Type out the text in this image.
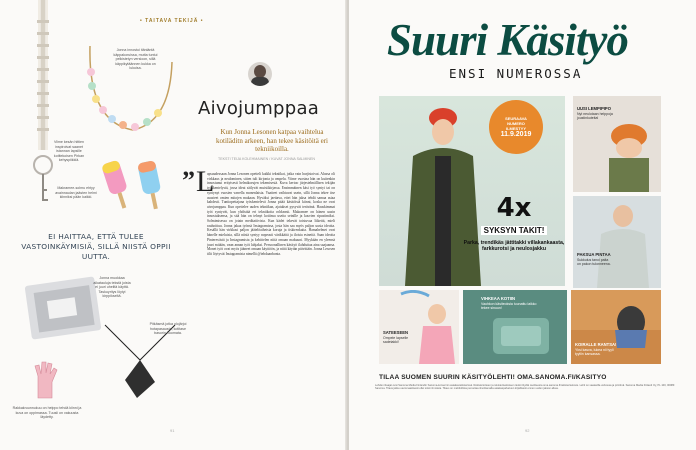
• TAITAVA TEKIJÄ •
Makramee-solmu ehtyy avainnaulan jaästen helmi kiinniksi pään kaikki.
Jonna innostui itäniäntä käppakoruissa, mutta tuntui pelkistetyn versioon, sillä käppikytäännen kukka on lukuisa.
Viime kesän hittien inspiroivat saanet istannan lapsille kotitekoisen Pirkan kehyspiikkiä.
EI HAITTAA, ETTÄ TULEE VASTOINKÄYMISIÄ, SILLÄ NIISTÄ OPPII UUTTA.
Jonna muokkaa aikatauluja tekstä joista ei juuri uheiltä käyttä. Taskuyritys löytyi kirppikseltä.
Pitkäsmä jotka olojärjoi hotapasausta, kotitase basorin huomata.
Rakkakruunnukuu on helppo tehdä kiinni ja kuva on oppimassa. Tuusli on vakuusta läydetty.
Aivojumppaa
Kun Jonna Lesonen katpaa vaihtelua kotiläditn arkeen, han tekee käsitöitä eri tekniikoilla.
TEKSTI TEIJA KOLEHMAINEN / KUVAT JONNA SALMINEN
” L
apsuudessaan Jonna Lesonen opetteli kaikki tekniikat, jotka vain hurjistoivat. Alussa oli virkkaus ja neulominen, sitten tuli kirjonta ja ompelu. Viime vuosina hän on kuitenkin innostunut erityisesti helmikorujen tekemisestä. Kuva kertoo järjestelmällisen tekijän työskentelystä, jossa ideat säilyvät muistikirjassa. Ensimmäinen käsi työ syntyi tai on syntynyt vuosien varrella monenlaisia. Vaatteet vaihtuvat usein, sillä Jonna tekee itse asusteet omien mitojen mukaan. Hyväksi jaettava, ettei hän jaksa tehdä samaa asiaa kahdesti. Tuntiopettajana työskentelevä Jonna pitää käsitöistä kiinni, koska ne ovat aivojumppaa. Kun opettelee uuden tekniikan, ajatukset pysyvät terävänä. Hauskimmat työt syntyvät, kun yhdistää eri tekniikoita rohkeasti. Makramee on hänen uusin innostuksensa, ja sitä hän on tehnyt kotiinsa useita seinille ja kasvien ripustimiksi. Solmimisessa on jotain meditatiivista. Kun kädet tekevät toistuvaa liikettä, mieli rauhoittuu. Jonna jakaa työnsä Instagramissa, josta hän saa myös paljon uusia ideoita. Kesällä hän virkkasi paljon jäätelöaiheisia koruja ja tiskirenkaita. Hamahelmet ovat hänelle mieluisia, sillä niistä syntyy nopeasti värikkäitä ja iloisia esineitä. Saan ideoita Pinterestistä ja Instagramista ja kehittelen niitä omaan makuuni. Myykään en yleensä juuri mitään, vaan annan työt lahjaksi. Persoonallinen käsityö ilahduttaa aina saajaansa. Monet työt ovat myös jääneet omaan käyttöön, ja niitä käytän päivittäin. Jonna Lesosen tilit löytyvät Instagramista nimellä @tehdaanbonta.
91
Suuri Käsityö
ENSI NUMEROSSA
SEURAAVA
NUMERO
ILMESTYY
11.9.2019
4x
SYKSYN TAKIT!
Parka, trendikäs jättitakki villakankaasta, farkkurotsi ja neulosjakku
UUSI LEMPIPIPO
Nyt neulotaan helppoja joustinkuteita!
PAKSUA PINTAA
Sukkulus tanoi paita on pakon tulonneena.
SATEESEEN
Ompele lapselle sadetakki!
VIHKEAA KOTIIN
Vauhkon käsiteoksia tuunattu laikko tekee sinuun!
KOIRALLE RANTSA!
Yksi kasva, lukea nii tyyli tyyliin kansassa.
TILAA SUOMEN SUURIN KÄSITYÖLEHTI! OMA.SANOMA.FI/KASITYO
Lehden tilaajat ovat Sanoma Media Finlandin Sanoma-konsernin asiakasrekisterissä. Rekisteriotteen ja rekisteriselosteen tiedot löydät osoitteesta oma.sanoma.fi/rekisteriseloste. Lehti on saatavilla verkossa ja printtinä. Sanoma Media Finland Oy, PL 100, 00089 Sanoma. Tilaus jatkuu automaattisesti ellei toisin ilmoiteta. Tilaus on mahdollista peruuttaa ilmoittamalla asiakaspalveluun kirjallisesti ennen uuden jakson alkua.
92
